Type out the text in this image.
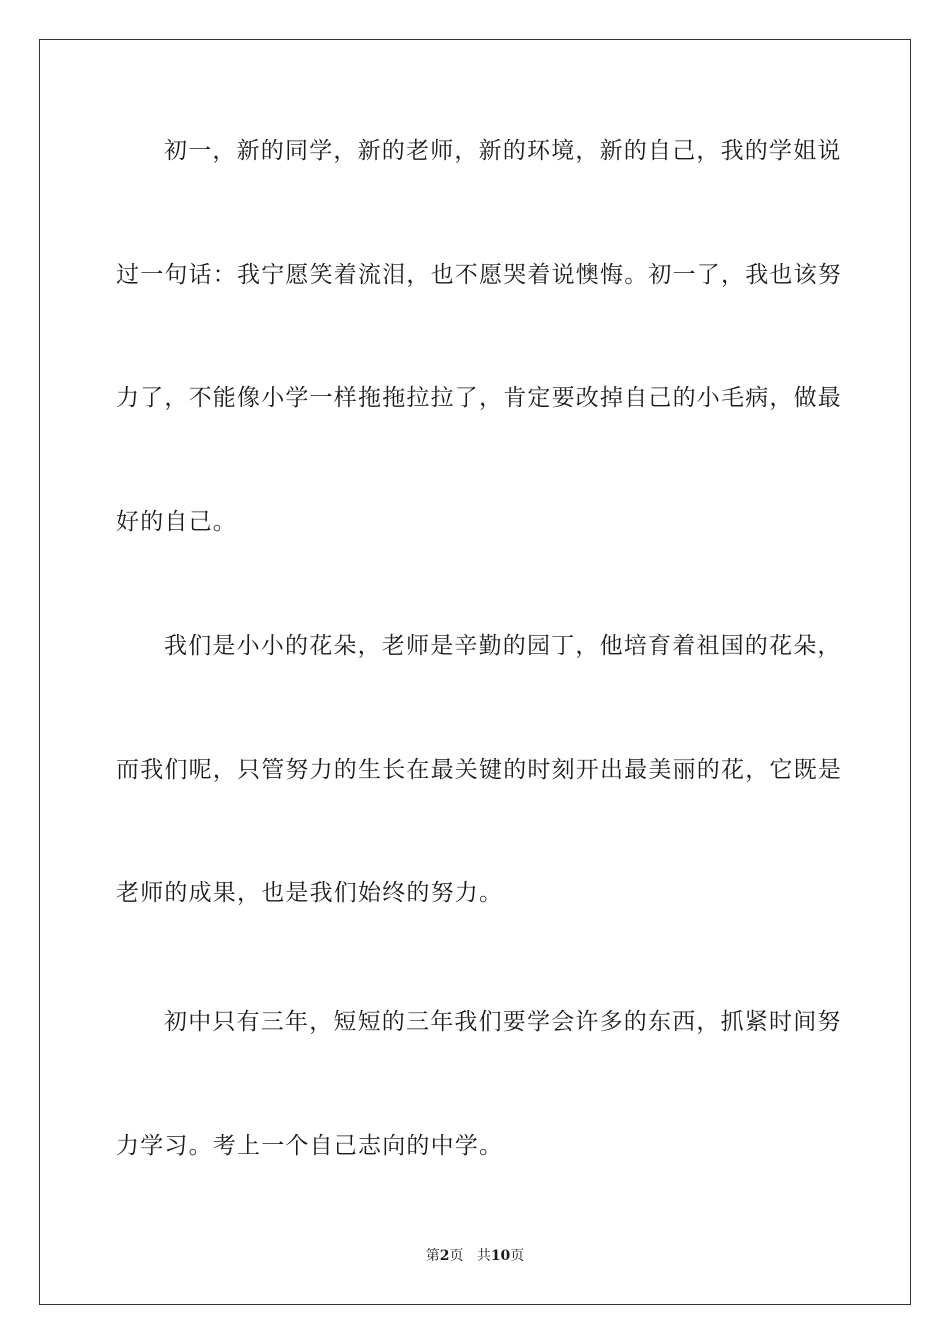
初一，新的同学，新的老师，新的环境，新的自己，我的学姐说
过一句话：我宁愿笑着流泪，也不愿哭着说懊悔。初一了，我也该努
力了，不能像小学一样拖拖拉拉了，肯定要改掉自己的小毛病，做最
好的自己。
我们是小小的花朵，老师是辛勤的园丁，他培育着祖国的花朵，
而我们呢，只管努力的生长在最关键的时刻开出最美丽的花，它既是
老师的成果，也是我们始终的努力。
初中只有三年，短短的三年我们要学会许多的东西，抓紧时间努
力学习。考上一个自己志向的中学。
第2页 共10页
